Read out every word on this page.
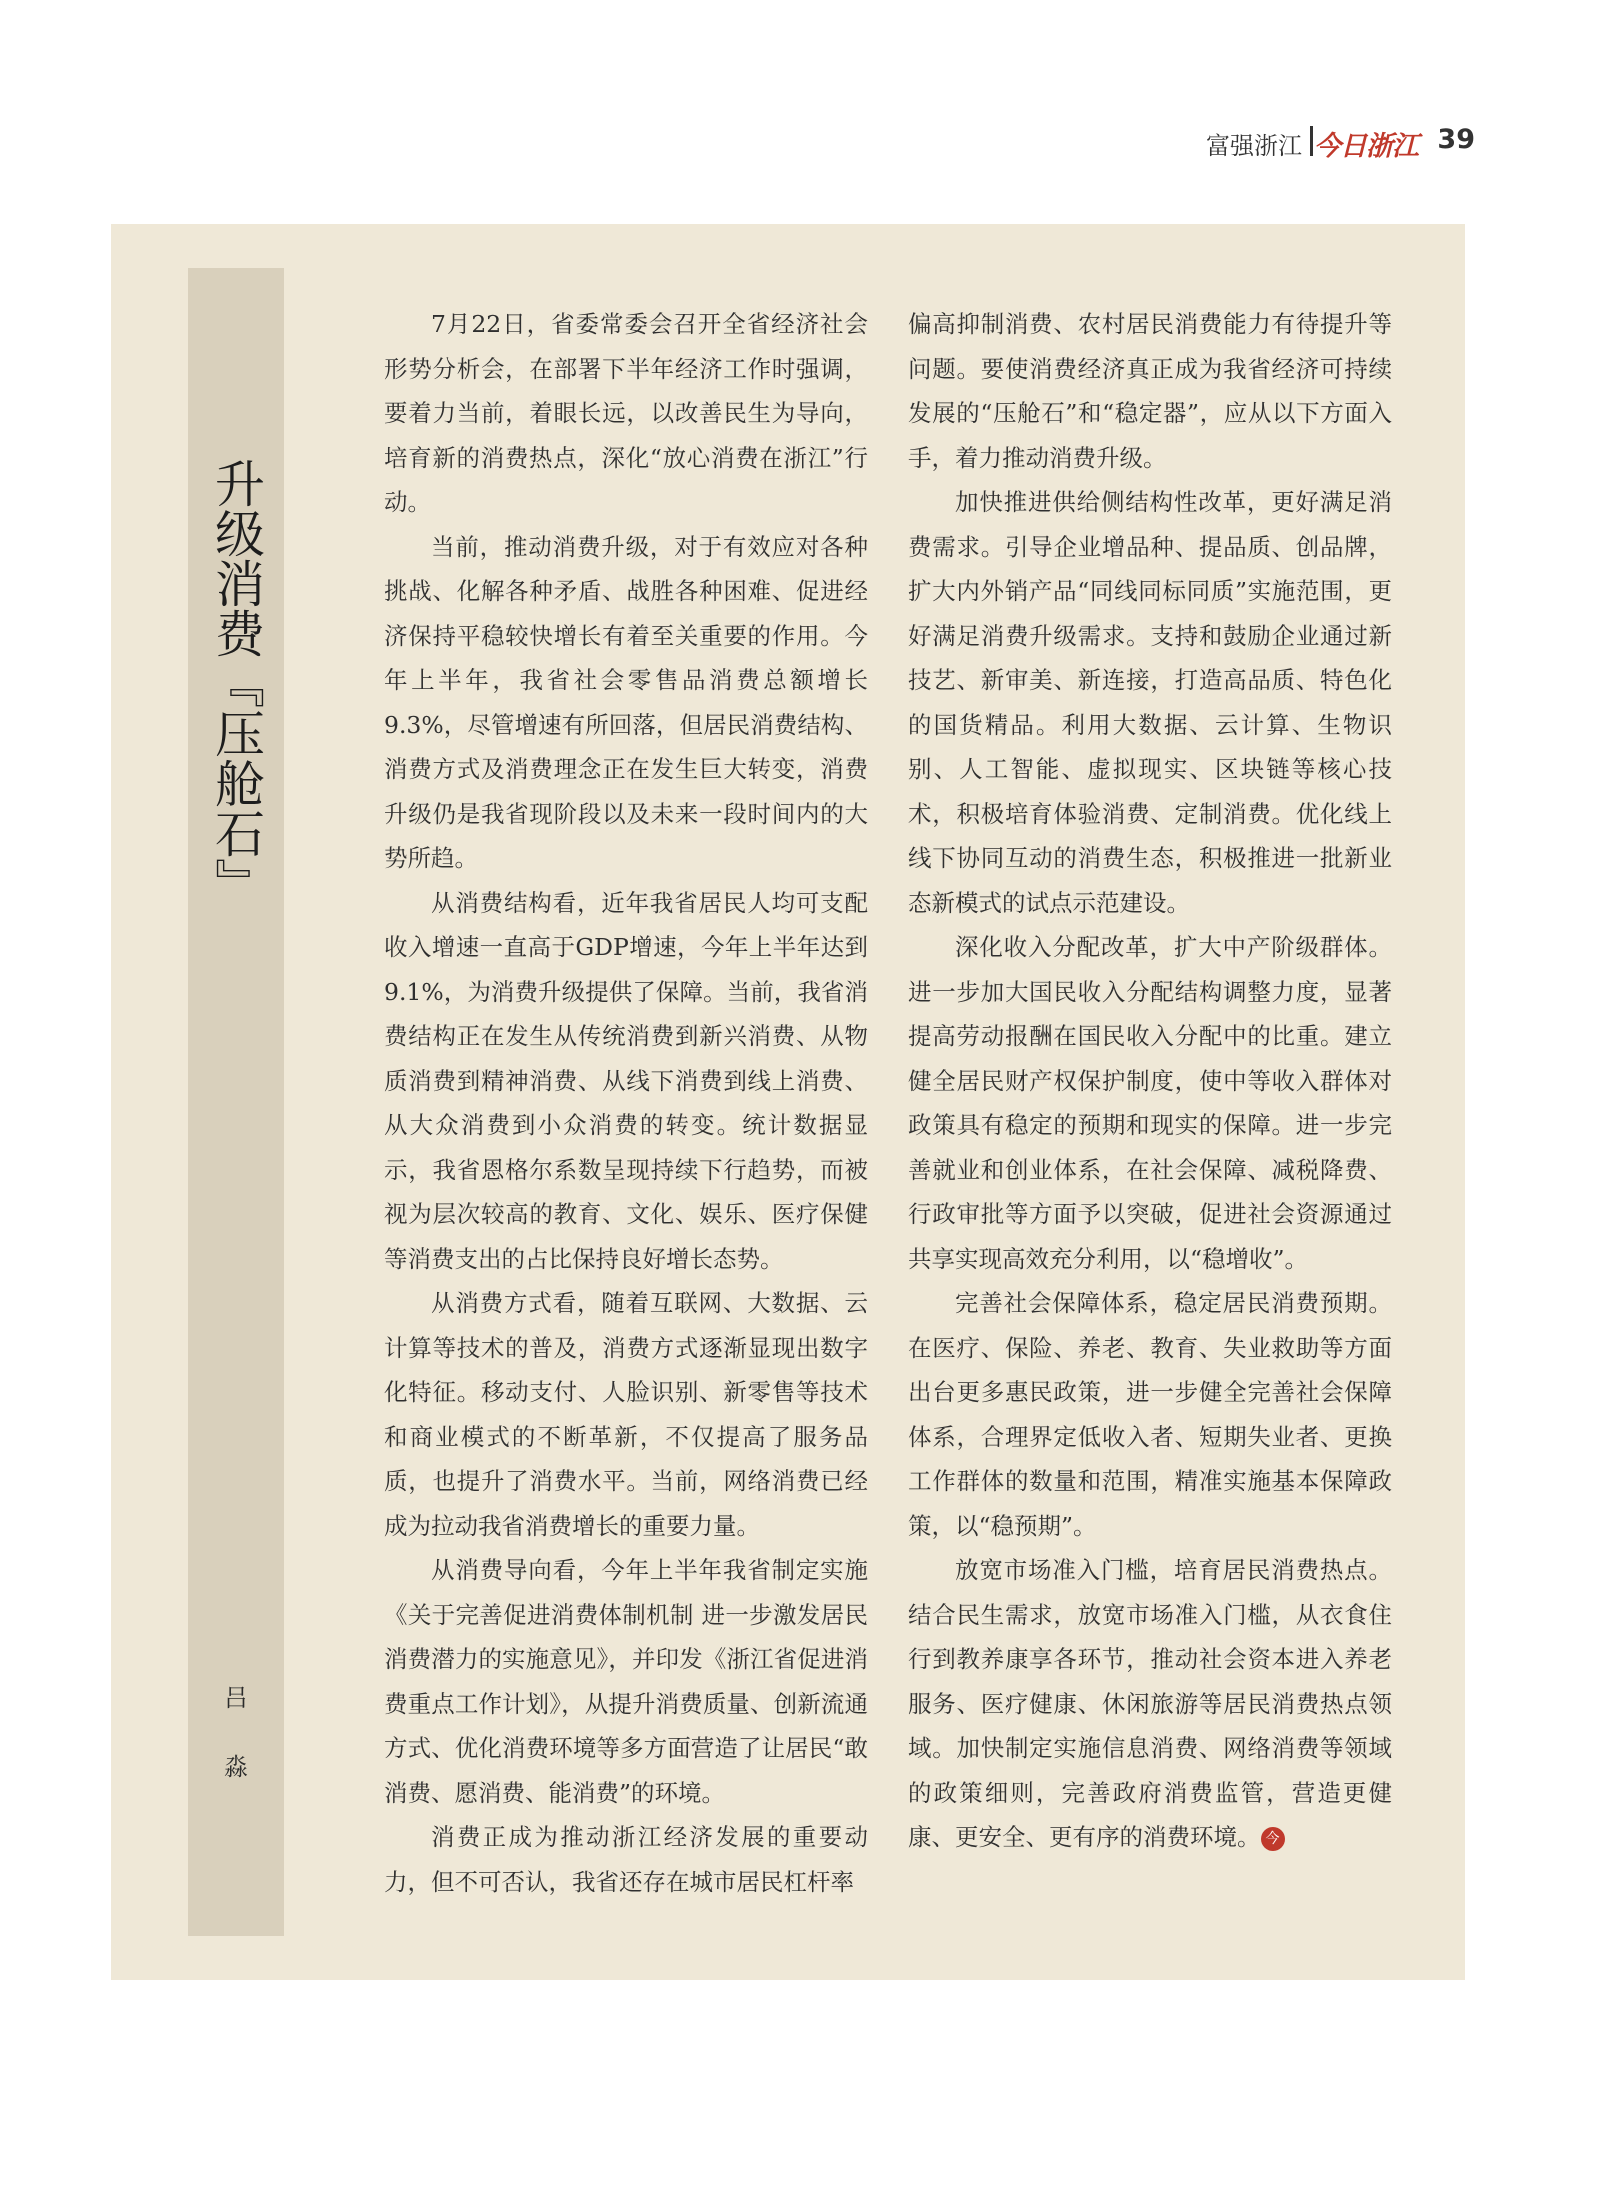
富强浙江 今日浙江 39
升级消费『压舱石』
吕
淼

7月22日，省委常委会召开全省经济社会形势分析会，在部署下半年经济工作时强调，要着力当前，着眼长远，以改善民生为导向，培育新的消费热点，深化“放心消费在浙江”行动。

当前，推动消费升级，对于有效应对各种挑战、化解各种矛盾、战胜各种困难、促进经济保持平稳较快增长有着至关重要的作用。今年上半年，我省社会零售品消费总额增长9.3%，尽管增速有所回落，但居民消费结构、消费方式及消费理念正在发生巨大转变，消费升级仍是我省现阶段以及未来一段时间内的大势所趋。

从消费结构看，近年我省居民人均可支配收入增速一直高于GDP增速，今年上半年达到9.1%，为消费升级提供了保障。当前，我省消费结构正在发生从传统消费到新兴消费、从物质消费到精神消费、从线下消费到线上消费、从大众消费到小众消费的转变。统计数据显示，我省恩格尔系数呈现持续下行趋势，而被视为层次较高的教育、文化、娱乐、医疗保健等消费支出的占比保持良好增长态势。

从消费方式看，随着互联网、大数据、云计算等技术的普及，消费方式逐渐显现出数字化特征。移动支付、人脸识别、新零售等技术和商业模式的不断革新，不仅提高了服务品质，也提升了消费水平。当前，网络消费已经成为拉动我省消费增长的重要力量。

从消费导向看，今年上半年我省制定实施《关于完善促进消费体制机制 进一步激发居民消费潜力的实施意见》，并印发《浙江省促进消费重点工作计划》，从提升消费质量、创新流通方式、优化消费环境等多方面营造了让居民“敢消费、愿消费、能消费”的环境。

消费正成为推动浙江经济发展的重要动力，但不可否认，我省还存在城市居民杠杆率

偏高抑制消费、农村居民消费能力有待提升等问题。要使消费经济真正成为我省经济可持续发展的“压舱石”和“稳定器”，应从以下方面入手，着力推动消费升级。

加快推进供给侧结构性改革，更好满足消费需求。引导企业增品种、提品质、创品牌，扩大内外销产品“同线同标同质”实施范围，更好满足消费升级需求。支持和鼓励企业通过新技艺、新审美、新连接，打造高品质、特色化的国货精品。利用大数据、云计算、生物识别、人工智能、虚拟现实、区块链等核心技术，积极培育体验消费、定制消费。优化线上线下协同互动的消费生态，积极推进一批新业态新模式的试点示范建设。

深化收入分配改革，扩大中产阶级群体。进一步加大国民收入分配结构调整力度，显著提高劳动报酬在国民收入分配中的比重。建立健全居民财产权保护制度，使中等收入群体对政策具有稳定的预期和现实的保障。进一步完善就业和创业体系，在社会保障、减税降费、行政审批等方面予以突破，促进社会资源通过共享实现高效充分利用，以“稳增收”。

完善社会保障体系，稳定居民消费预期。在医疗、保险、养老、教育、失业救助等方面出台更多惠民政策，进一步健全完善社会保障体系，合理界定低收入者、短期失业者、更换工作群体的数量和范围，精准实施基本保障政策，以“稳预期”。

放宽市场准入门槛，培育居民消费热点。结合民生需求，放宽市场准入门槛，从衣食住行到教养康享各环节，推动社会资本进入养老服务、医疗健康、休闲旅游等居民消费热点领域。加快制定实施信息消费、网络消费等领域的政策细则，完善政府消费监管，营造更健康、更安全、更有序的消费环境。 今
